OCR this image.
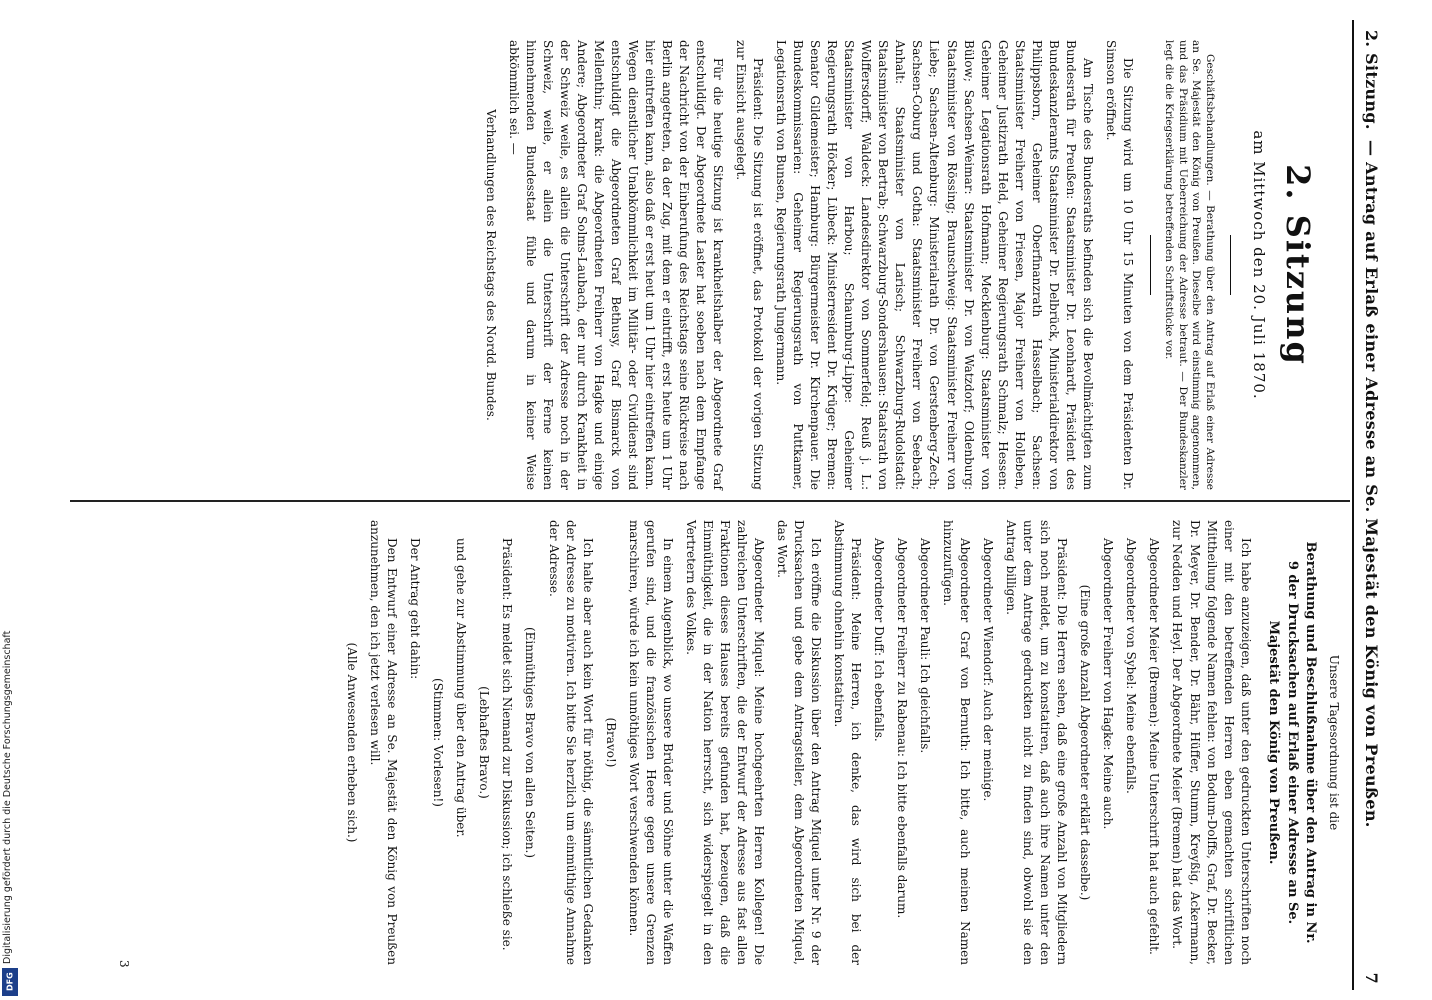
2. Sitzung.
— Antrag auf Erlaß einer Adresse an Se. Majestät den König von Preußen.
7
2. Sitzung
am Mittwoch den 20. Juli 1870.

Geschäftsbehandlungen. — Berathung über den Antrag auf Erlaß einer Adresse an Se. Majestät den König von Preußen. Dieselbe wird einstimmig angenommen, und das Präsidium mit Ueberreichung der Adresse betraut. — Der Bundeskanzler legt die die Kriegserklärung betreffenden Schriftstücke vor.

Die Sitzung wird um 10 Uhr 15 Minuten von dem Präsidenten Dr. Simson eröffnet.

Am Tische des Bundesraths befinden sich die Bevollmächtigten zum Bundesrath für Preußen: Staatsminister Dr. Leonhardt, Präsident des Bundeskanzleramts Staatsminister Dr. Delbrück, Ministerialdirektor von Philippsborn, Geheimer Oberfinanzrath Hasselbach; Sachsen: Staatsminister Freiherr von Friesen, Major Freiherr von Holleben, Geheimer Justizrath Held, Geheimer Regierungsrath Schmalz; Hessen: Geheimer Legationsrath Hofmann; Mecklenburg: Staatsminister von Bülow; Sachsen-Weimar: Staatsminister Dr. von Watzdorf; Oldenburg: Staatsminister von Rössing; Braunschweig: Staatsminister Freiherr von Liebe; Sachsen-Altenburg: Ministerialrath Dr. von Gerstenberg-Zech; Sachsen-Coburg und Gotha: Staatsminister Freiherr von Seebach; Anhalt: Staatsminister von Larisch; Schwarzburg-Rudolstadt: Staatsminister von Bertrab; Schwarzburg-Sondershausen: Staatsrath von Wolffersdorff; Waldeck: Landesdirektor von Sommerfeld; Reuß j. L.: Staatsminister von Harbou; Schaumburg-Lippe: Geheimer Regierungsrath Höcker; Lübeck: Ministerresident Dr. Krüger; Bremen: Senator Gildemeister; Hamburg: Bürgermeister Dr. Kirchenpauer. Die Bundeskommissarien: Geheimer Regierungsrath von Puttkamer, Legationsrath von Bunsen, Regierungsrath Jungermann.

Präsident: Die Sitzung ist eröffnet, das Protokoll der vorigen Sitzung zur Einsicht ausgelegt.

Für die heutige Sitzung ist krankheitshalber der Abgeordnete Graf entschuldigt. Der Abgeordnete Laster hat soeben nach dem Empfange der Nachricht von der Einberufung des Reichstags seine Rückreise nach Berlin angetreten, da der Zug, mit dem er eintrifft, erst heute um 1 Uhr hier eintreffen kann, also daß er erst heut um 1 Uhr hier eintreffen kann. Wegen dienstlicher Unabkömmlichkeit im Militär- oder Civildienst sind entschuldigt die Abgeordneten Graf Bethusy, Graf Bismarck von Mellenthin; krank: die Abgeordneten Freiherr von Hagke und einige Andere; Abgeordneter Graf Solms-Laubach, der nur durch Krankheit in der Schweiz weile, es allein die Unterschrift der Adresse noch in der Schweiz, weile, er allein die Unterschrift der Ferne keinen hinnehmenden Bundesstaat fühle und darum in keiner Weise abkömmlich sei. —

Verhandlungen des Reichstags des Nordd. Bundes.

Unsere Tagesordnung ist die

Berathung und Beschlußnahme über den Antrag in Nr. 9 der Drucksachen auf Erlaß einer Adresse an Se. Majestät den König von Preußen.

Ich habe anzuzeigen, daß unter den gedruckten Unterschriften noch einer mit den betreffenden Herren eben gemachten schriftlichen Mittheilung folgende Namen fehlen: von Bodum-Dolffs, Graf, Dr. Becker, Dr. Meyer, Dr. Bender, Dr. Bähr, Hüffer, Stumm, Kreyßig, Ackermann, zur Nedden und Heyl. Der Abgeordnete Meier (Bremen) hat das Wort.

Abgeordneter Meier (Bremen): Meine Unterschrift hat auch gefehlt.

Abgeordneter von Sybel: Meine ebenfalls.

Abgeordneter Freiherr von Hagke: Meine auch.

(Eine große Anzahl Abgeordneter erklärt dasselbe.)

Präsident: Die Herren sehen, daß eine große Anzahl von Mitgliedern sich noch meldet, um zu konstatiren, daß auch ihre Namen unter den unter dem Antrage gedruckten nicht zu finden sind, obwohl sie den Antrag billigen.

Abgeordneter Wiendorf: Auch der meinige.

Abgeordneter Graf von Bernuth: Ich bitte, auch meinen Namen hinzuzufügen.

Abgeordneter Pauli: Ich gleichfalls.

Abgeordneter Freiherr zu Rabenau: Ich bitte ebenfalls darum.

Abgeordneter Duff: Ich ebenfalls.

Präsident: Meine Herren, ich denke, das wird sich bei der Abstimmung ohnehin konstatiren.

Ich eröffne die Diskussion über den Antrag Miquel unter Nr. 9 der Drucksachen und gebe dem Antragsteller, dem Abgeordneten Miquel, das Wort.

Abgeordneter Miquel: Meine hochgeehrten Herren Kollegen! Die zahlreichen Unterschriften, die der Entwurf der Adresse aus fast allen Fraktionen dieses Hauses bereits gefunden hat, bezeugen, daß die Einmüthigkeit, die in der Nation herrscht, sich widerspiegelt in den Vertretern des Volkes.

In einem Augenblick, wo unsere Brüder und Söhne unter die Waffen gerufen sind, und die französischen Heere gegen unsere Grenzen marschiren, würde ich kein unnöthiges Wort verschwenden können.

(Bravo!)

Ich halte aber auch kein Wort für nöthig, die sämmtlichen Gedanken der Adresse zu motiviren. Ich bitte Sie herzlich um einmüthige Annahme der Adresse.

(Einmüthiges Bravo von allen Seiten.)

Präsident: Es meldet sich Niemand zur Diskussion; ich schließe sie.

(Lebhaftes Bravo.)

und gehe zur Abstimmung über den Antrag über.

(Stimmen: Vorlesen!)

Der Antrag geht dahin:

Den Entwurf einer Adresse an Se. Majestät den König von Preußen anzunehmen, den ich jetzt verlesen will.

(Alle Anwesenden erheben sich.)

3
Digitalisierung gefördert durch die Deutsche Forschungsgemeinschaft
DFG
